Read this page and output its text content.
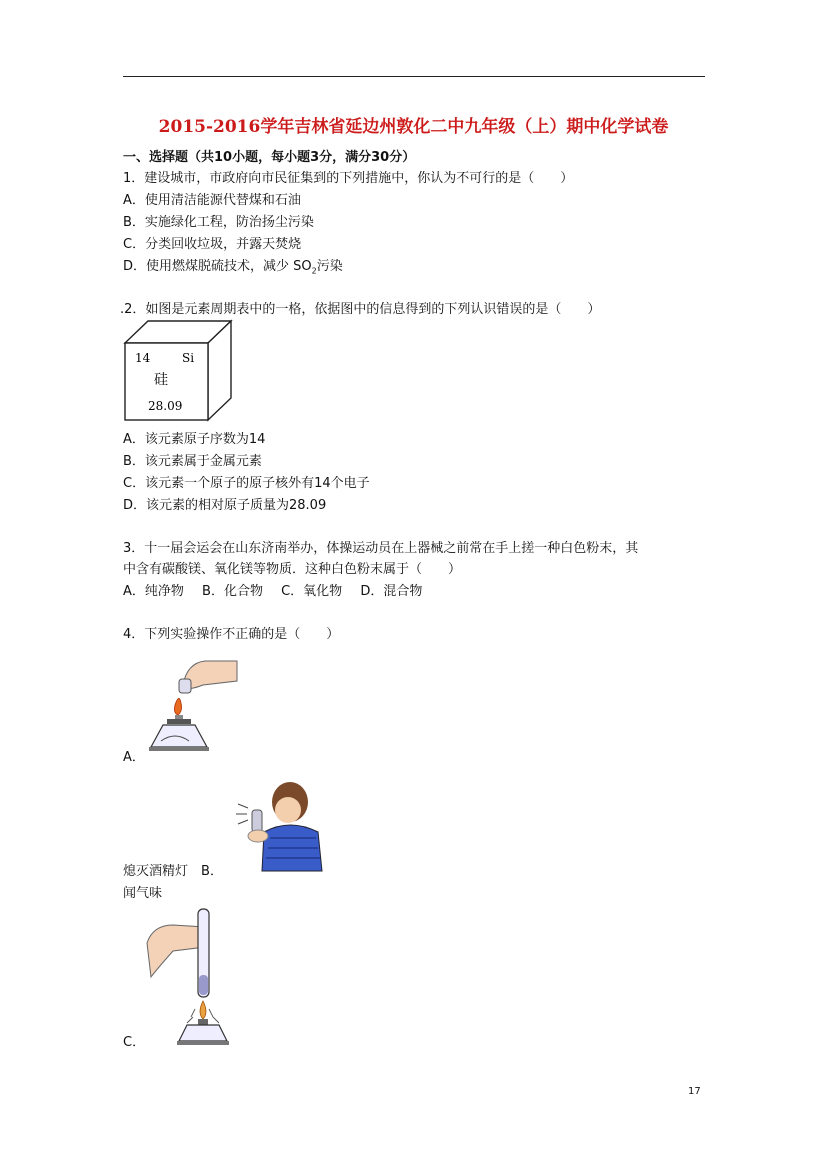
2015-2016学年吉林省延边州敦化二中九年级（上）期中化学试卷
一、选择题（共10小题，每小题3分，满分30分）
1．建设城市，市政府向市民征集到的下列措施中，你认为不可行的是（　　）
A．使用清洁能源代替煤和石油
B．实施绿化工程，防治扬尘污染
C．分类回收垃圾，并露天焚烧
D．使用燃煤脱硫技术，减少 $SO_2$污染
.2．如图是元素周期表中的一格，依据图中的信息得到的下列认识错误的是（　　）
14	Si
硅
28.09
A．该元素原子序数为14
B．该元素属于金属元素
C．该元素一个原子的原子核外有14个电子
D．该元素的相对原子质量为28.09
3．十一届会运会在山东济南举办，体操运动员在上器械之前常在手上搓一种白色粉末，其
中含有碳酸镁、氧化镁等物质．这种白色粉末属于（　　）
A．纯净物 B．化合物 C．氧化物 D．混合物
4．下列实验操作不正确的是（　　）
A．
熄灭酒精灯　 B．
闻气味
C．
17
